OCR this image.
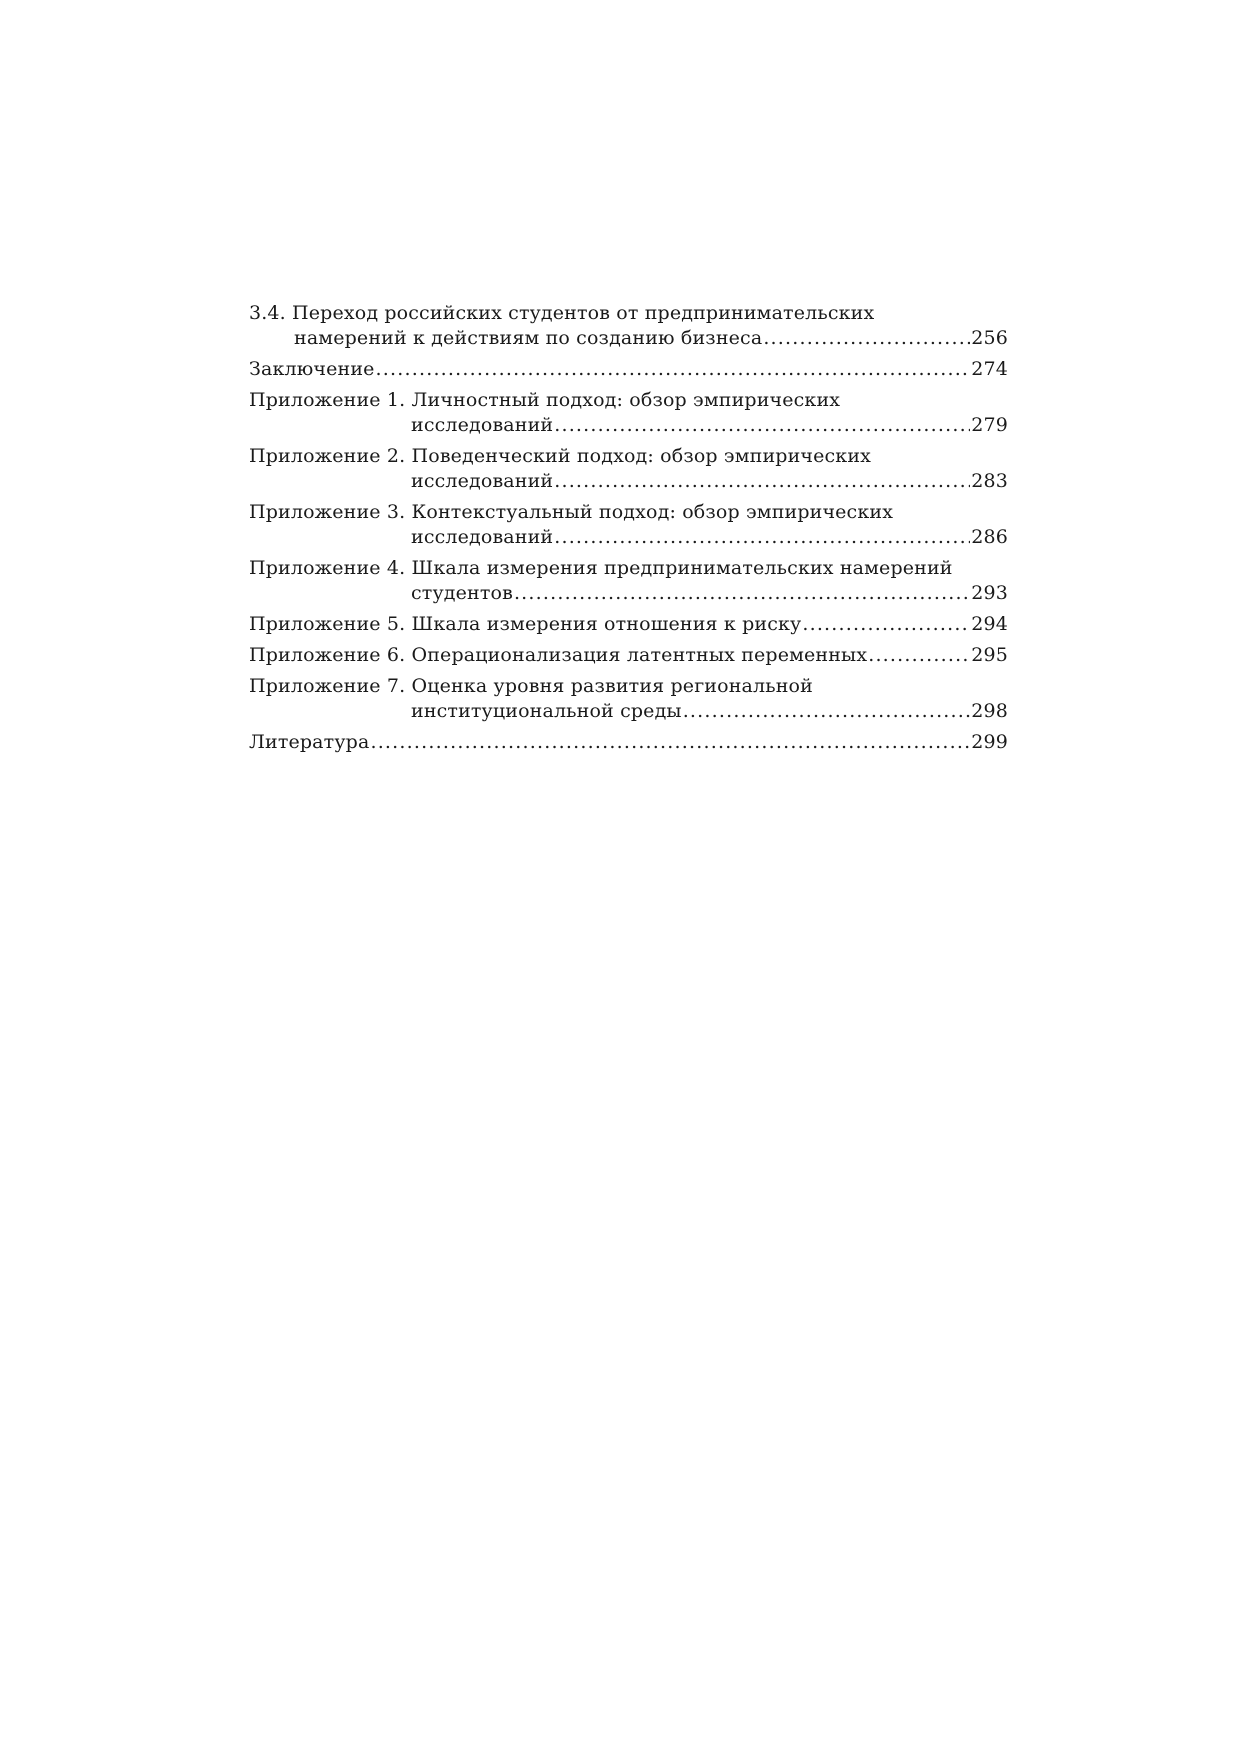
3.4. Переход российских студентов от предпринимательских
намерений к действиям по созданию бизнеса .....	256
Заключение .....	274
Приложение 1. Личностный подход: обзор эмпирических
исследований .....	279
Приложение 2. Поведенческий подход: обзор эмпирических
исследований .....	283
Приложение 3. Контекстуальный подход: обзор эмпирических
исследований .....	286
Приложение 4. Шкала измерения предпринимательских намерений
студентов .....	293
Приложение 5. Шкала измерения отношения к риску .....	294
Приложение 6. Операционализация латентных переменных .....	295
Приложение 7. Оценка уровня развития региональной
институциональной среды .....	298
Литература .....	299
